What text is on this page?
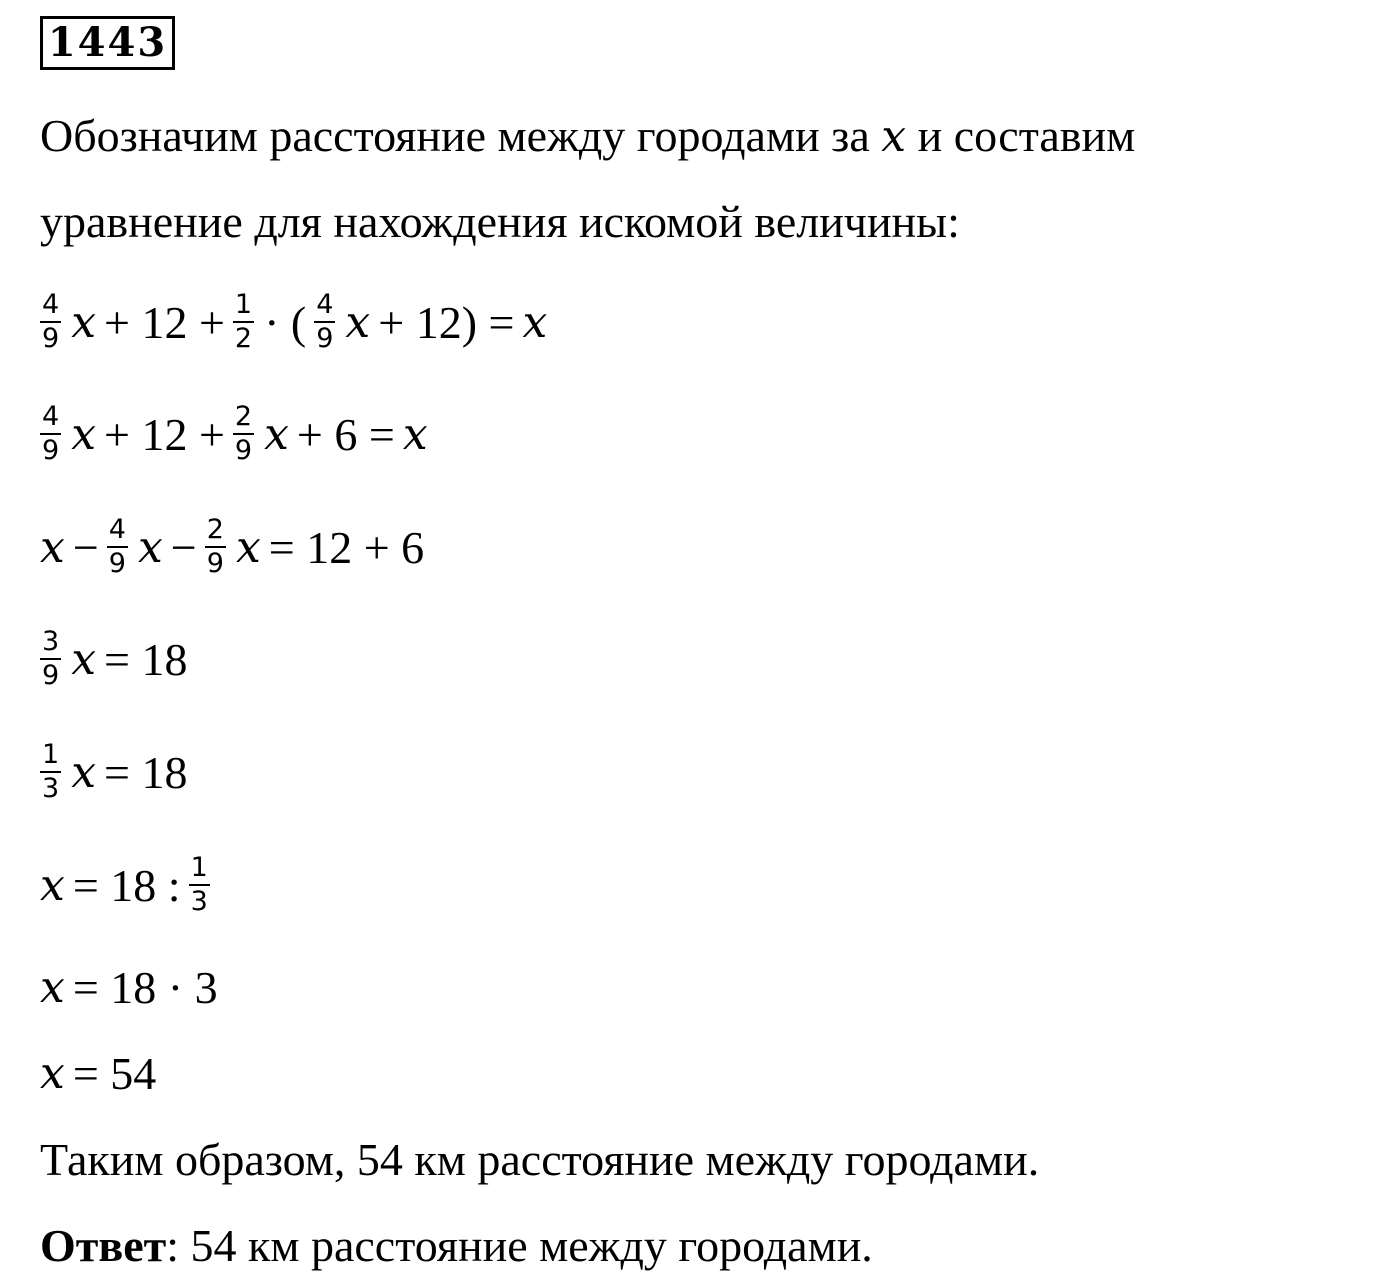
1443
Обозначим расстояние между городами за x и составим
уравнение для нахождения искомой величины:
$\frac{4}{9}$ $x + 12 + \frac{1}{2}$ · ( $\frac{4}{9}$ x + 12) = x
$\frac{4}{9}$ $x + 12 + \frac{2}{9}$ x + 6 = x
$x - \frac{4}{9}$ $x - \frac{2}{9}$ x = 12 + 6
$\frac{3}{9}$ x = 18
$\frac{1}{3}$ x = 18
x = 18 : $\frac{1}{3}$
x = 18 · 3
x = 54
Таким образом, 54 км расстояние между городами.
Ответ: 54 км расстояние между городами.
